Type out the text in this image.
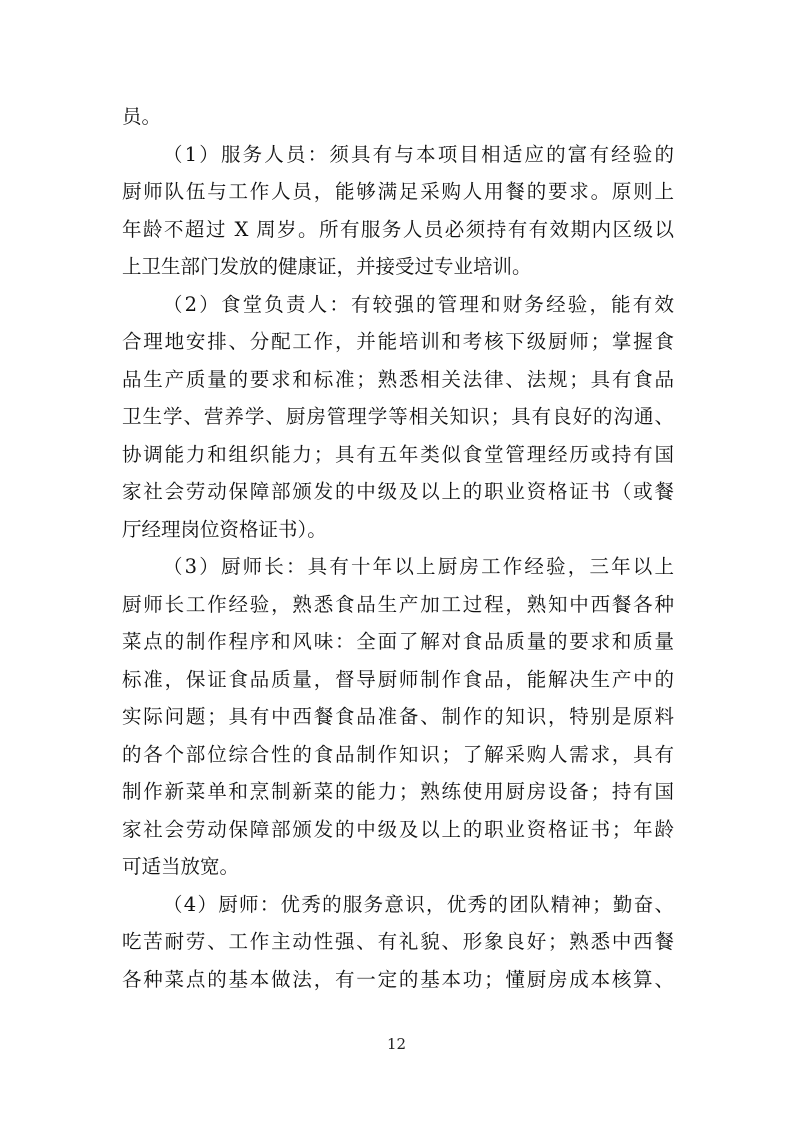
员。
（1）服务人员：须具有与本项目相适应的富有经验的
厨师队伍与工作人员，能够满足采购人用餐的要求。原则上
年龄不超过 X 周岁。所有服务人员必须持有有效期内区级以
上卫生部门发放的健康证，并接受过专业培训。
（2）食堂负责人：有较强的管理和财务经验，能有效
合理地安排、分配工作，并能培训和考核下级厨师；掌握食
品生产质量的要求和标准；熟悉相关法律、法规；具有食品
卫生学、营养学、厨房管理学等相关知识；具有良好的沟通、
协调能力和组织能力；具有五年类似食堂管理经历或持有国
家社会劳动保障部颁发的中级及以上的职业资格证书（或餐
厅经理岗位资格证书）。
（3）厨师长：具有十年以上厨房工作经验，三年以上
厨师长工作经验，熟悉食品生产加工过程，熟知中西餐各种
菜点的制作程序和风味：全面了解对食品质量的要求和质量
标准，保证食品质量，督导厨师制作食品，能解决生产中的
实际问题；具有中西餐食品准备、制作的知识，特别是原料
的各个部位综合性的食品制作知识；了解采购人需求，具有
制作新菜单和烹制新菜的能力；熟练使用厨房设备；持有国
家社会劳动保障部颁发的中级及以上的职业资格证书；年龄
可适当放宽。
（4）厨师：优秀的服务意识，优秀的团队精神；勤奋、
吃苦耐劳、工作主动性强、有礼貌、形象良好；熟悉中西餐
各种菜点的基本做法，有一定的基本功；懂厨房成本核算、
12
